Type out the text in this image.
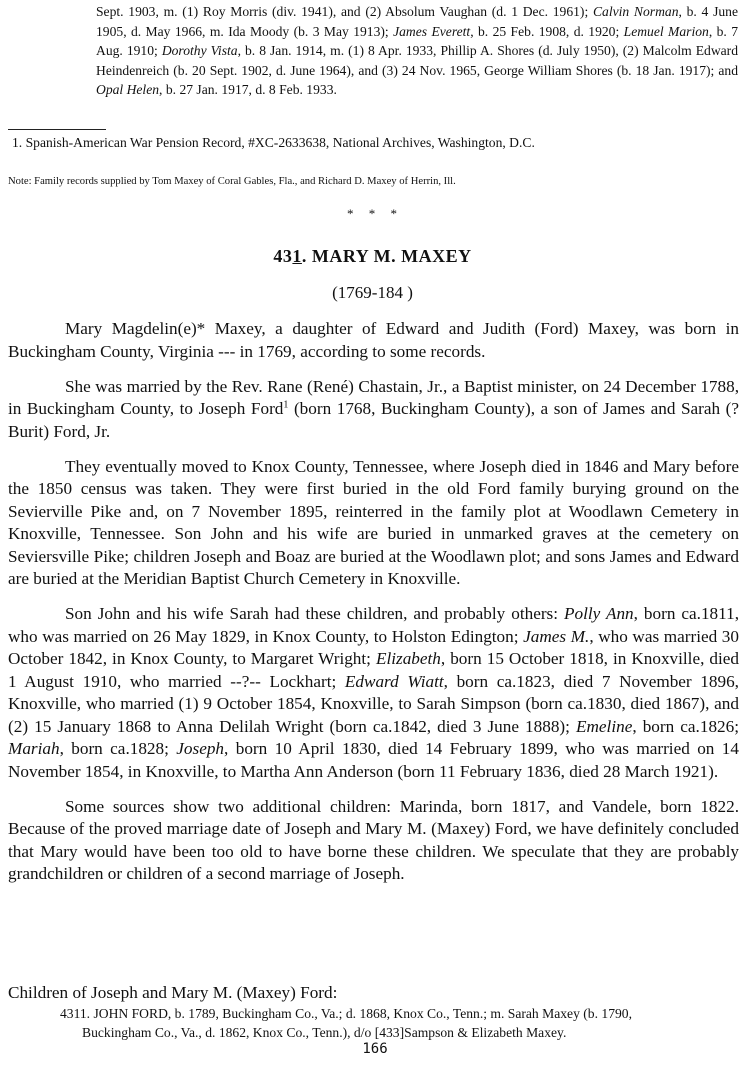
Sept. 1903, m. (1) Roy Morris (div. 1941), and (2) Absolum Vaughan (d. 1 Dec. 1961); Calvin Norman, b. 4 June 1905, d. May 1966, m. Ida Moody (b. 3 May 1913); James Everett, b. 25 Feb. 1908, d. 1920; Lemuel Marion, b. 7 Aug. 1910; Dorothy Vista, b. 8 Jan. 1914, m. (1) 8 Apr. 1933, Phillip A. Shores (d. July 1950), (2) Malcolm Edward Heindenreich (b. 20 Sept. 1902, d. June 1964), and (3) 24 Nov. 1965, George William Shores (b. 18 Jan. 1917); and Opal Helen, b. 27 Jan. 1917, d. 8 Feb. 1933.
1. Spanish-American War Pension Record, #XC-2633638, National Archives, Washington, D.C.
Note: Family records supplied by Tom Maxey of Coral Gables, Fla., and Richard D. Maxey of Herrin, Ill.
* * *
431. MARY M. MAXEY
(1769-184 )

Mary Magdelin(e)* Maxey, a daughter of Edward and Judith (Ford) Maxey, was born in Buckingham County, Virginia --- in 1769, according to some records.

She was married by the Rev. Rane (René) Chastain, Jr., a Baptist minister, on 24 December 1788, in Buckingham County, to Joseph Ford$^1$ (born 1768, Buckingham County), a son of James and Sarah (?Burit) Ford, Jr.

They eventually moved to Knox County, Tennessee, where Joseph died in 1846 and Mary before the 1850 census was taken. They were first buried in the old Ford family burying ground on the Sevierville Pike and, on 7 November 1895, reinterred in the family plot at Woodlawn Cemetery in Knoxville, Tennessee. Son John and his wife are buried in unmarked graves at the cemetery on Seviersville Pike; children Joseph and Boaz are buried at the Woodlawn plot; and sons James and Edward are buried at the Meridian Baptist Church Cemetery in Knoxville.

Son John and his wife Sarah had these children, and probably others: Polly Ann, born ca.1811, who was married on 26 May 1829, in Knox County, to Holston Edington; James M., who was married 30 October 1842, in Knox County, to Margaret Wright; Elizabeth, born 15 October 1818, in Knoxville, died 1 August 1910, who married --?-- Lockhart; Edward Wiatt, born ca.1823, died 7 November 1896, Knoxville, who married (1) 9 October 1854, Knoxville, to Sarah Simpson (born ca.1830, died 1867), and (2) 15 January 1868 to Anna Delilah Wright (born ca.1842, died 3 June 1888); Emeline, born ca.1826; Mariah, born ca.1828; Joseph, born 10 April 1830, died 14 February 1899, who was married on 14 November 1854, in Knoxville, to Martha Ann Anderson (born 11 February 1836, died 28 March 1921).

Some sources show two additional children: Marinda, born 1817, and Vandele, born 1822. Because of the proved marriage date of Joseph and Mary M. (Maxey) Ford, we have definitely concluded that Mary would have been too old to have borne these children. We speculate that they are probably grandchildren or children of a second marriage of Joseph.

Children of Joseph and Mary M. (Maxey) Ford:
4311. JOHN FORD, b. 1789, Buckingham Co., Va.; d. 1868, Knox Co., Tenn.; m. Sarah Maxey (b. 1790,
Buckingham Co., Va., d. 1862, Knox Co., Tenn.), d/o [433]Sampson & Elizabeth Maxey.
166
